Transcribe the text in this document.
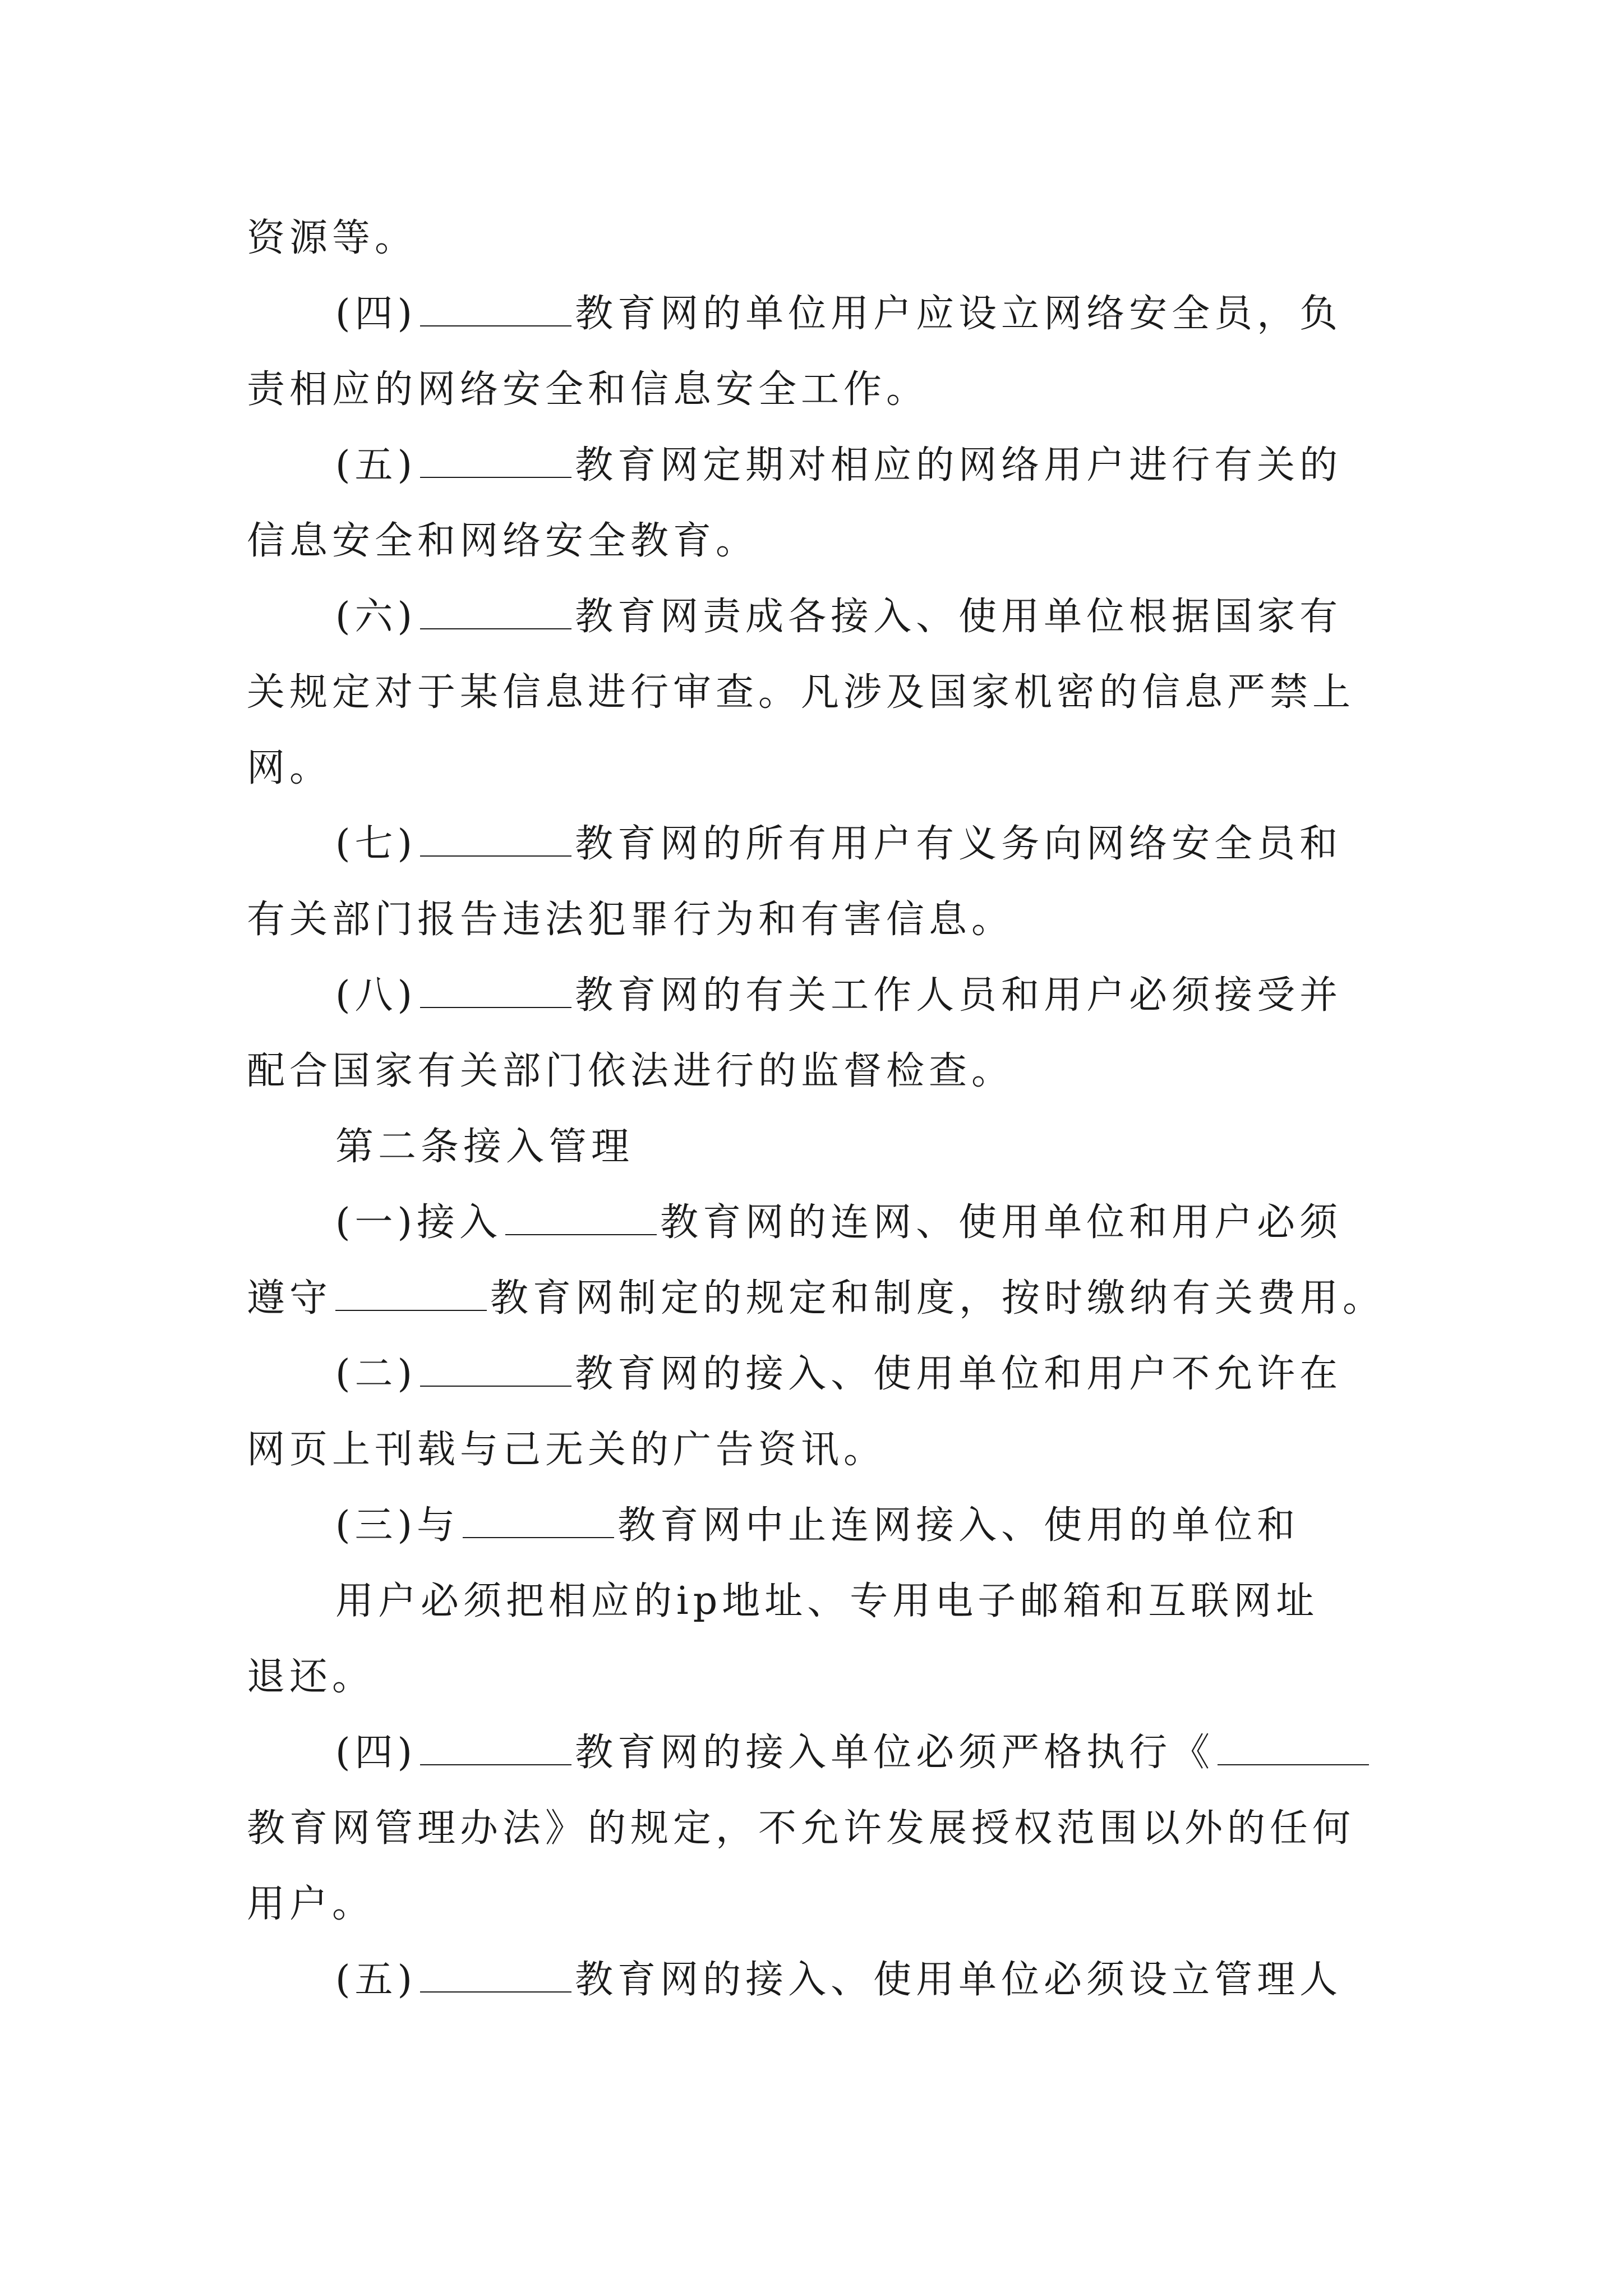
资源等。
(四)	教育网的单位用户应设立网络安全员，负
责相应的网络安全和信息安全工作。
(五)	教育网定期对相应的网络用户进行有关的
信息安全和网络安全教育。
(六)	教育网责成各接入、使用单位根据国家有
关规定对于某信息进行审查。凡涉及国家机密的信息严禁上
网。
(七)	教育网的所有用户有义务向网络安全员和
有关部门报告违法犯罪行为和有害信息。
(八)	教育网的有关工作人员和用户必须接受并
配合国家有关部门依法进行的监督检查。
第二条接入管理
(一)接入	教育网的连网、使用单位和用户必须
遵守	教育网制定的规定和制度，按时缴纳有关费用。
(二)	教育网的接入、使用单位和用户不允许在
网页上刊载与己无关的广告资讯。
(三)与	教育网中止连网接入、使用的单位和
用户必须把相应的ip地址、专用电子邮箱和互联网址
退还。
(四)	教育网的接入单位必须严格执行《
教育网管理办法》的规定，不允许发展授权范围以外的任何
用户。
(五)	教育网的接入、使用单位必须设立管理人
